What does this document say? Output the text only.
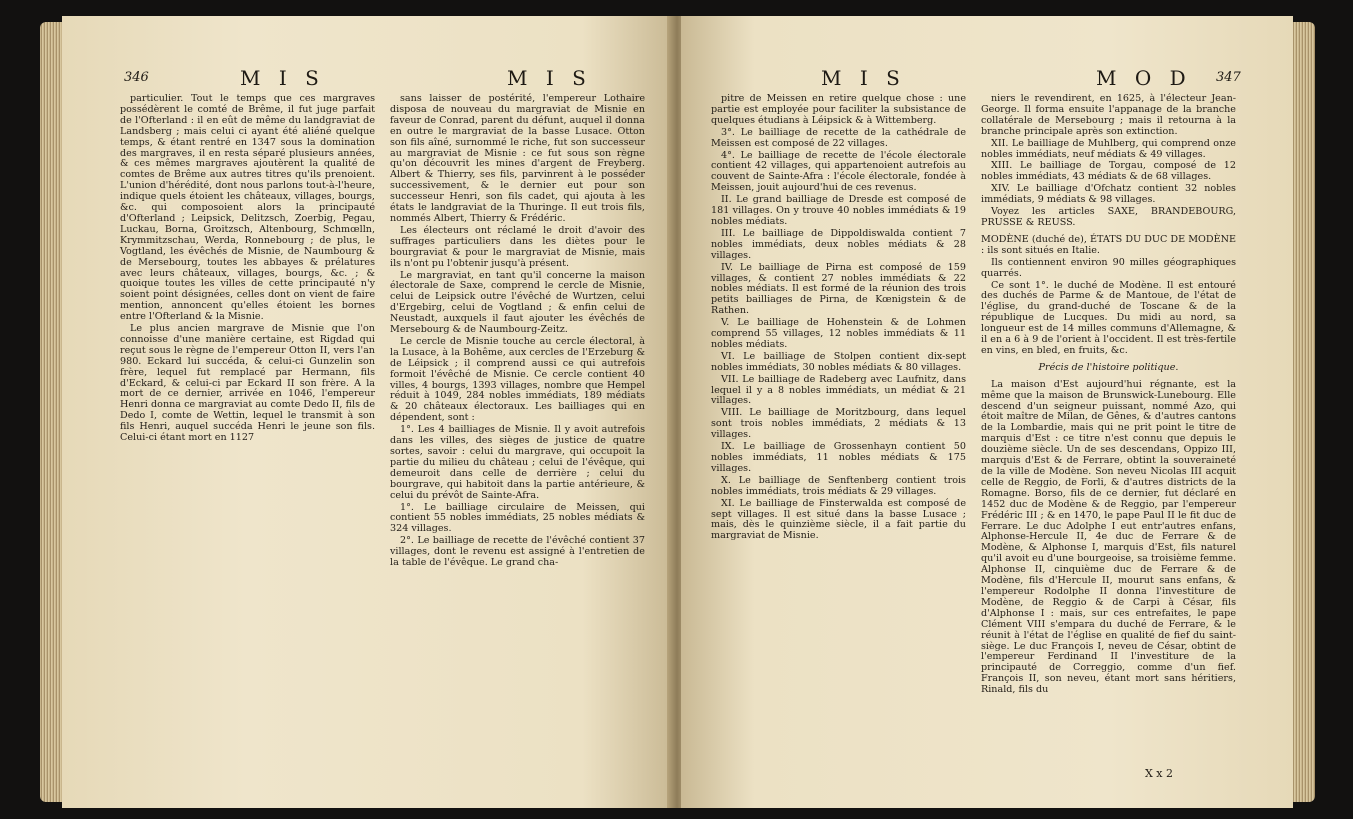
346	M I S	M I S

particulier. Tout le temps que ces margraves possédèrent le comté de Brême, il fut juge parfait de l'Ofterland : il en eût de même du landgraviat de Landsberg ; mais celui ci ayant été aliéné quelque temps, & étant rentré en 1347 sous la domination des margraves, il en resta séparé plusieurs années, & ces mêmes margraves ajoutèrent la qualité de comtes de Brême aux autres titres qu'ils prenoient. L'union d'hérédité, dont nous parlons tout-à-l'heure, indique quels étoient les châteaux, villages, bourgs, &c. qui composoient alors la principauté d'Ofterland ; Leipsick, Delitzsch, Zoerbig, Pegau, Luckau, Borna, Groitzsch, Altenbourg, Schmœlln, Krymmitzschau, Werda, Ronnebourg ; de plus, le Vogtland, les évêchés de Misnie, de Naumbourg & de Mersebourg, toutes les abbayes & prélatures avec leurs châteaux, villages, bourgs, &c. ; & quoique toutes les villes de cette principauté n'y soient point désignées, celles dont on vient de faire mention, annoncent qu'elles étoient les bornes entre l'Ofterland & la Misnie.

Le plus ancien margrave de Misnie que l'on connoisse d'une manière certaine, est Rigdad qui reçut sous le règne de l'empereur Otton II, vers l'an 980. Eckard lui succéda, & celui-ci Gunzelin son frère, lequel fut remplacé par Hermann, fils d'Eckard, & celui-ci par Eckard II son frère. A la mort de ce dernier, arrivée en 1046, l'empereur Henri donna ce margraviat au comte Dedo II, fils de Dedo I, comte de Wettin, lequel le transmit à son fils Henri, auquel succéda Henri le jeune son fils. Celui-ci étant mort en 1127

sans laisser de postérité, l'empereur Lothaire disposa de nouveau du margraviat de Misnie en faveur de Conrad, parent du défunt, auquel il donna en outre le margraviat de la basse Lusace. Otton son fils aîné, surnommé le riche, fut son successeur au margraviat de Misnie : ce fut sous son règne qu'on découvrit les mines d'argent de Freyberg. Albert & Thierry, ses fils, parvinrent à le posséder successivement, & le dernier eut pour son successeur Henri, son fils cadet, qui ajouta à les états le landgraviat de la Thuringe. Il eut trois fils, nommés Albert, Thierry & Frédéric.

Les électeurs ont réclamé le droit d'avoir des suffrages particuliers dans les diètes pour le bourgraviat & pour le margraviat de Misnie, mais ils n'ont pu l'obtenir jusqu'à présent.

Le margraviat, en tant qu'il concerne la maison électorale de Saxe, comprend le cercle de Misnie, celui de Leipsick outre l'évêché de Wurtzen, celui d'Ergebirg, celui de Vogtland ; & enfin celui de Neustadt, auxquels il faut ajouter les évêchés de Mersebourg & de Naumbourg-Zeitz.

Le cercle de Misnie touche au cercle électoral, à la Lusace, à la Bohême, aux cercles de l'Erzeburg & de Léipsick ; il comprend aussi ce qui autrefois formoit l'évêché de Misnie. Ce cercle contient 40 villes, 4 bourgs, 1393 villages, nombre que Hempel réduit à 1049, 284 nobles immédiats, 189 médiats & 20 châteaux électoraux. Les bailliages qui en dépendent, sont :

1°. Les 4 bailliages de Misnie. Il y avoit autrefois dans les villes, des sièges de justice de quatre sortes, savoir : celui du margrave, qui occupoit la partie du milieu du château ; celui de l'évêque, qui demeuroit dans celle de derrière ; celui du bourgrave, qui habitoit dans la partie antérieure, & celui du prévôt de Sainte-Afra.

1°. Le bailliage circulaire de Meissen, qui contient 55 nobles immédiats, 25 nobles médiats & 324 villages.

2°. Le bailliage de recette de l'évêché contient 37 villages, dont le revenu est assigné à l'entretien de la table de l'évêque. Le grand cha-

M I S	M O D 347

pitre de Meissen en retire quelque chose : une partie est employée pour faciliter la subsistance de quelques étudians à Léipsick & à Wittemberg.

3°. Le bailliage de recette de la cathédrale de Meissen est composé de 22 villages.

4°. Le bailliage de recette de l'école électorale contient 42 villages, qui appartenoient autrefois au couvent de Sainte-Afra : l'école électorale, fondée à Meissen, jouit aujourd'hui de ces revenus.

II. Le grand bailliage de Dresde est composé de 181 villages. On y trouve 40 nobles immédiats & 19 nobles médiats.

III. Le bailliage de Dippoldiswalda contient 7 nobles immédiats, deux nobles médiats & 28 villages.

IV. Le bailliage de Pirna est composé de 159 villages, & contient 27 nobles immédiats & 22 nobles médiats. Il est formé de la réunion des trois petits bailliages de Pirna, de Kœnigstein & de Rathen.

V. Le bailliage de Hohenstein & de Lohmen comprend 55 villages, 12 nobles immédiats & 11 nobles médiats.

VI. Le bailliage de Stolpen contient dix-sept nobles immédiats, 30 nobles médiats & 80 villages.

VII. Le bailliage de Radeberg avec Laufnitz, dans lequel il y a 8 nobles immédiats, un médiat & 21 villages.

VIII. Le bailliage de Moritzbourg, dans lequel sont trois nobles immédiats, 2 médiats & 13 villages.

IX. Le bailliage de Grossenhayn contient 50 nobles immédiats, 11 nobles médiats & 175 villages.

X. Le bailliage de Senftenberg contient trois nobles immédiats, trois médiats & 29 villages.

XI. Le bailliage de Finsterwalda est composé de sept villages. Il est situé dans la basse Lusace ; mais, dès le quinzième siècle, il a fait partie du margraviat de Misnie.

niers le revendirent, en 1625, à l'électeur Jean-George. Il forma ensuite l'appanage de la branche collatérale de Mersebourg ; mais il retourna à la branche principale après son extinction.

XII. Le bailliage de Muhlberg, qui comprend onze nobles immédiats, neuf médiats & 49 villages.

XIII. Le bailliage de Torgau, composé de 12 nobles immédiats, 43 médiats & de 68 villages.

XIV. Le bailliage d'Ofchatz contient 32 nobles immédiats, 9 médiats & 98 villages.

Voyez les articles SAXE, BRANDEBOURG, PRUSSE & REUSS.

MODÈNE (duché de), ÉTATS DU DUC DE MODÈNE : ils sont situés en Italie.

Ils contiennent environ 90 milles géographiques quarrés.

Ce sont 1°. le duché de Modène. Il est entouré des duchés de Parme & de Mantoue, de l'état de l'église, du grand-duché de Toscane & de la république de Lucques. Du midi au nord, sa longueur est de 14 milles communs d'Allemagne, & il en a 6 à 9 de l'orient à l'occident. Il est très-fertile en vins, en bled, en fruits, &c.

Précis de l'histoire politique.

La maison d'Est aujourd'hui régnante, est la même que la maison de Brunswick-Lunebourg. Elle descend d'un seigneur puissant, nommé Azo, qui étoit maître de Milan, de Gênes, & d'autres cantons de la Lombardie, mais qui ne prit point le titre de marquis d'Est : ce titre n'est connu que depuis le douzième siècle. Un de ses descendans, Oppizo III, marquis d'Est & de Ferrare, obtint la souveraineté de la ville de Modène. Son neveu Nicolas III acquit celle de Reggio, de Forli, & d'autres districts de la Romagne. Borso, fils de ce dernier, fut déclaré en 1452 duc de Modène & de Reggio, par l'empereur Frédéric III ; & en 1470, le pape Paul II le fit duc de Ferrare. Le duc Adolphe I eut entr'autres enfans, Alphonse-Hercule II, 4e duc de Ferrare & de Modène, & Alphonse I, marquis d'Est, fils naturel qu'il avoit eu d'une bourgeoise, sa troisième femme. Alphonse II, cinquième duc de Ferrare & de Modène, fils d'Hercule II, mourut sans enfans, & l'empereur Rodolphe II donna l'investiture de Modène, de Reggio & de Carpi à César, fils d'Alphonse I : mais, sur ces entrefaites, le pape Clément VIII s'empara du duché de Ferrare, & le réunit à l'état de l'église en qualité de fief du saint-siège. Le duc François I, neveu de César, obtint de l'empereur Ferdinand II l'investiture de la principauté de Correggio, comme d'un fief. François II, son neveu, étant mort sans héritiers, Rinald, fils du

X x 2
